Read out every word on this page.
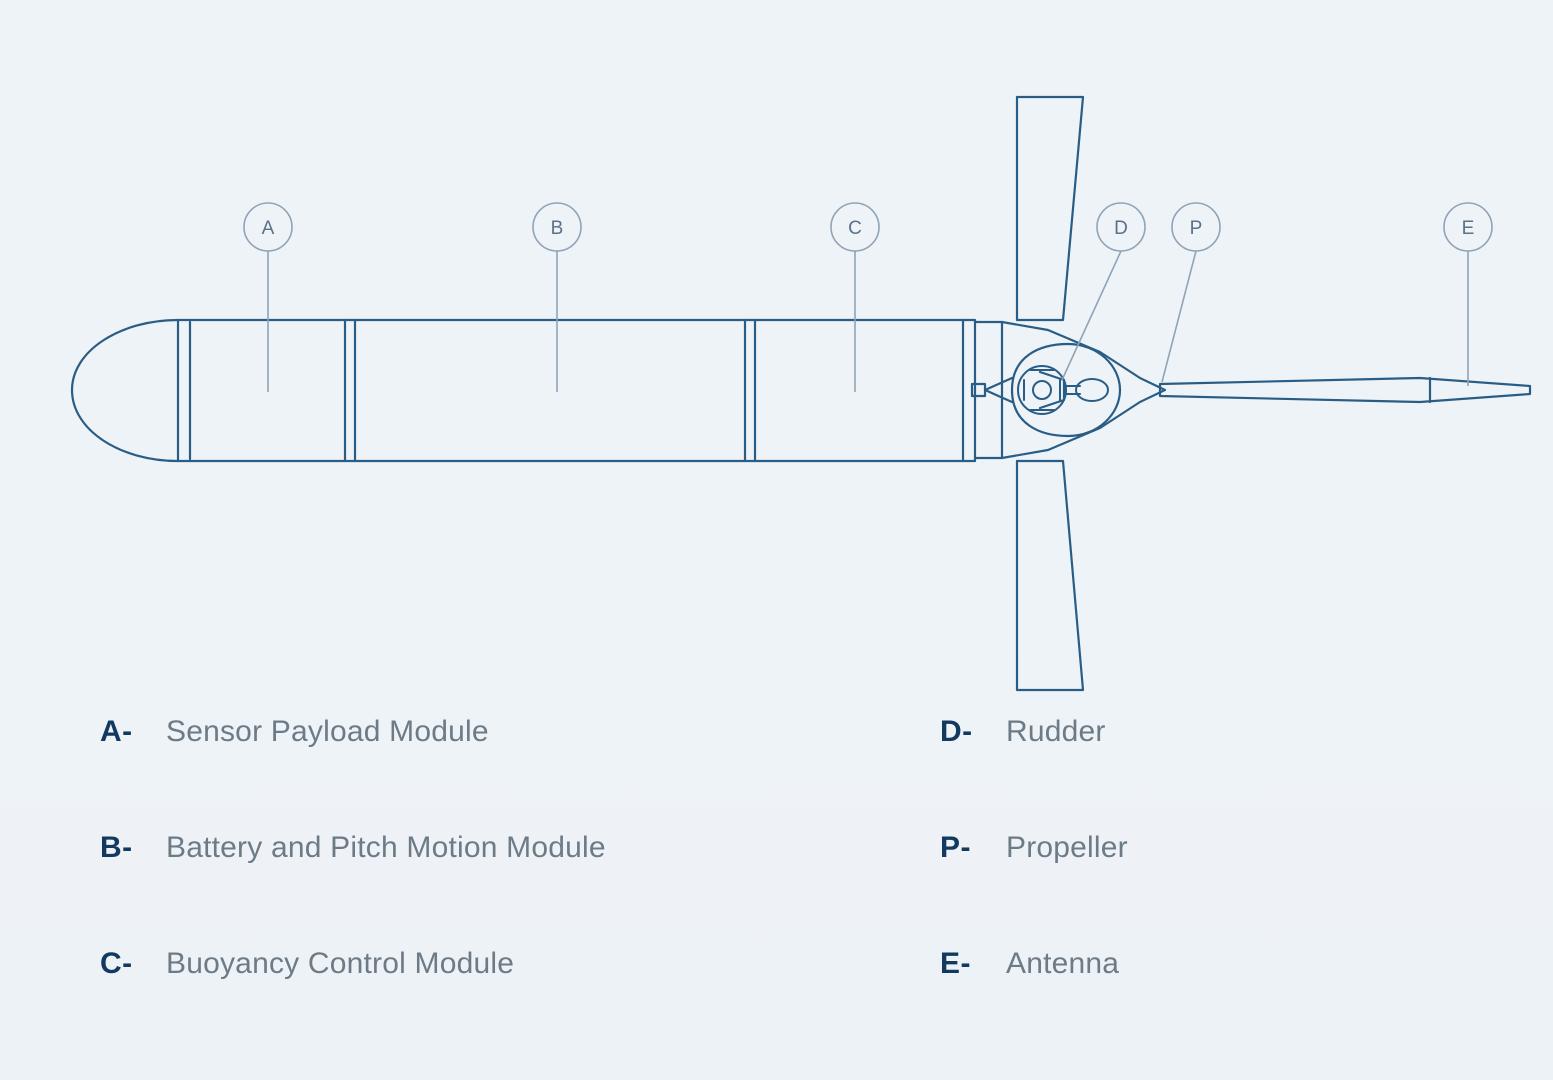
A	B	C	D	P	E
A-	Sensor Payload Module
B-	Battery and Pitch Motion Module
C-	Buoyancy Control Module
D-	Rudder
P-	Propeller
E-	Antenna
